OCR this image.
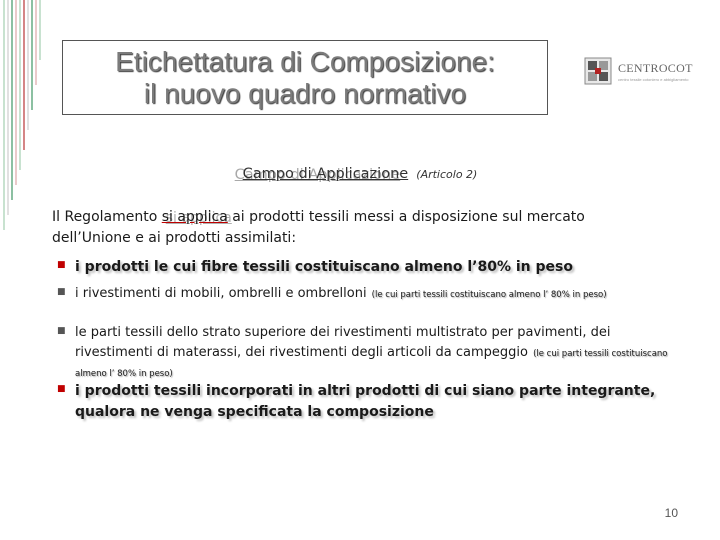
Etichettatura di Composizione:
il nuovo quadro normativo
CENTROCOT
centro tessile cotoniero e abbigliamento
Campo di Applicazione (Articolo 2)

Il Regolamento si applica ai prodotti tessili messi a disposizione sul mercato dell’Unione e ai prodotti assimilati:

■ i prodotti le cui fibre tessili costituiscano almeno l’80% in peso
■ i rivestimenti di mobili, ombrelli e ombrelloni (le cui parti tessili costituiscano almeno l’ 80% in peso)
■ le parti tessili dello strato superiore dei rivestimenti multistrato per pavimenti, dei rivestimenti di materassi, dei rivestimenti degli articoli da campeggio (le cui parti tessili costituiscano almeno l’ 80% in peso)
■ i prodotti tessili incorporati in altri prodotti di cui siano parte integrante, qualora ne venga specificata la composizione
10
